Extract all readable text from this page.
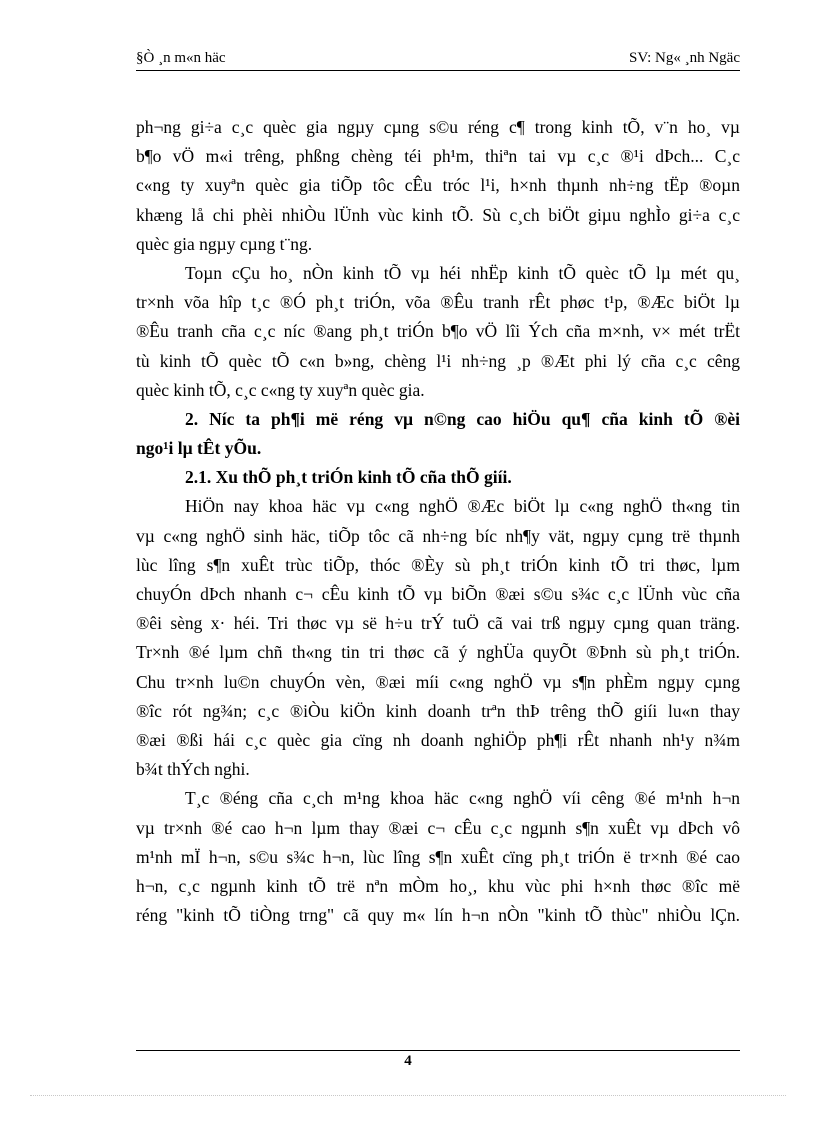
§Ò ¸n m«n häc	SV: Ng« ¸nh Ngäc
ph¬ng gi÷a c¸c quèc gia ngµy cµng s©u réng c¶ trong kinh tÕ, v¨n ho¸ vµ
b¶o vÖ m«i trêng, phßng chèng téi ph¹m, thiªn tai vµ c¸c ®¹i dÞch... C¸c
c«ng ty xuyªn quèc gia tiÕp tôc cÊu tróc l¹i, h×nh thµnh nh÷ng tËp ®oµn
khæng lå chi phèi nhiÒu lÜnh vùc kinh tÕ. Sù c¸ch biÖt giµu nghÌo gi÷a c¸c
quèc gia ngµy cµng t¨ng.
Toµn cÇu ho¸ nÒn kinh tÕ vµ héi nhËp kinh tÕ quèc tÕ lµ mét qu¸
tr×nh võa hîp t¸c ®Ó ph¸t triÓn, võa ®Êu tranh rÊt phøc t¹p, ®Æc biÖt lµ
®Êu tranh cña c¸c níc ®ang ph¸t triÓn b¶o vÖ lîi Ých cña m×nh, v× mét trËt
tù kinh tÕ quèc tÕ c«n b»ng, chèng l¹i nh÷ng ¸p ®Æt phi lý cña c¸c cêng
quèc kinh tÕ, c¸c c«ng ty xuyªn quèc gia.
2. Níc ta ph¶i më réng vµ n©ng cao hiÖu qu¶ cña kinh tÕ ®èi
ngo¹i lµ tÊt yÕu.
2.1. Xu thÕ ph¸t triÓn kinh tÕ cña thÕ giíi.
HiÖn nay khoa häc vµ c«ng nghÖ ®Æc biÖt lµ c«ng nghÖ th«ng tin
vµ c«ng nghÖ sinh häc, tiÕp tôc cã nh÷ng bíc nh¶y vät, ngµy cµng trë thµnh
lùc lîng s¶n xuÊt trùc tiÕp, thóc ®Èy sù ph¸t triÓn kinh tÕ tri thøc, lµm
chuyÓn dÞch nhanh c¬ cÊu kinh tÕ vµ biÕn ®æi s©u s¾c c¸c lÜnh vùc cña
®êi sèng x· héi. Tri thøc vµ së h÷u trÝ tuÖ cã vai trß ngµy cµng quan träng.
Tr×nh ®é lµm chñ th«ng tin tri thøc cã ý nghÜa quyÕt ®Þnh sù ph¸t triÓn.
Chu tr×nh lu©n chuyÓn vèn, ®æi míi c«ng nghÖ vµ s¶n phÈm ngµy cµng
®îc rót ng¾n; c¸c ®iÒu kiÖn kinh doanh trªn thÞ trêng thÕ giíi lu«n thay
®æi ®ßi hái c¸c quèc gia cïng nh doanh nghiÖp ph¶i rÊt nhanh nh¹y n¾m
b¾t thÝch nghi.
T¸c ®éng cña c¸ch m¹ng khoa häc c«ng nghÖ víi cêng ®é m¹nh h¬n
vµ tr×nh ®é cao h¬n lµm thay ®æi c¬ cÊu c¸c ngµnh s¶n xuÊt vµ dÞch vô
m¹nh mÏ h¬n, s©u s¾c h¬n, lùc lîng s¶n xuÊt cïng ph¸t triÓn ë tr×nh ®é cao
h¬n, c¸c ngµnh kinh tÕ trë nªn mÒm ho¸, khu vùc phi h×nh thøc ®îc më
réng "kinh tÕ tiÒng trng" cã quy m« lín h¬n nÒn "kinh tÕ thùc" nhiÒu lÇn.
4
